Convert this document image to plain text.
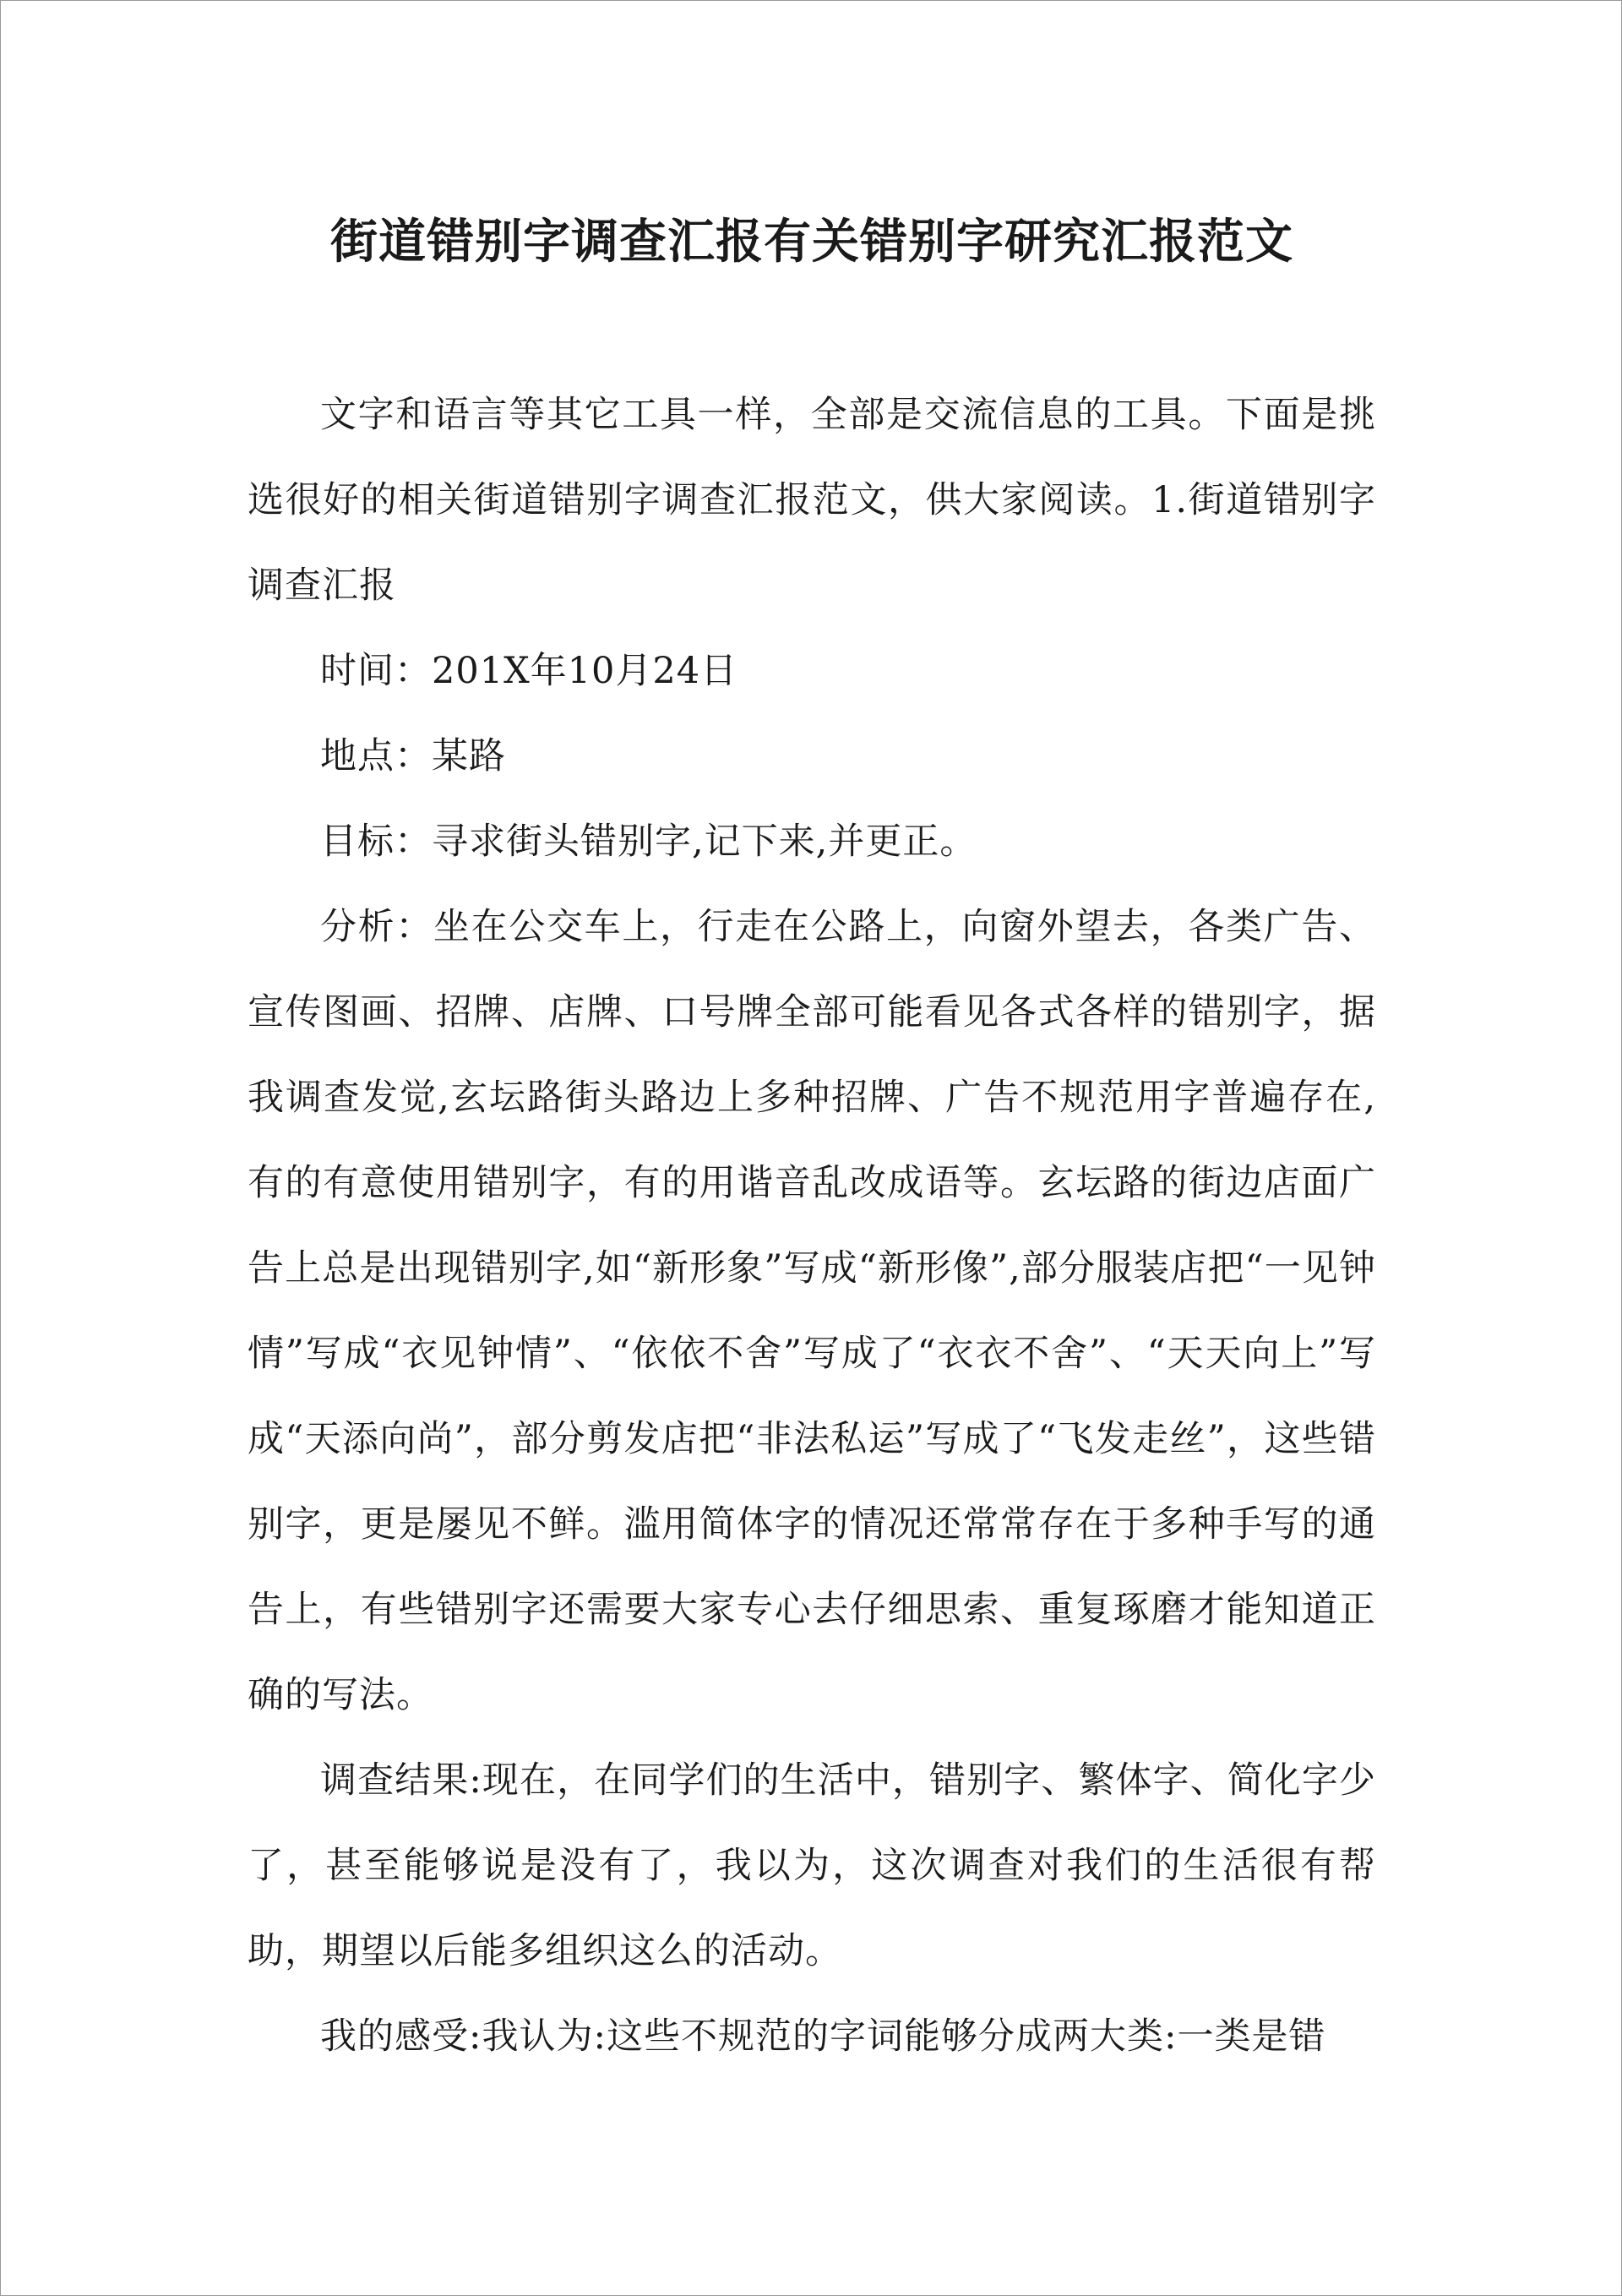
街道错别字调查汇报有关错别字研究汇报范文

文字和语言等其它工具一样，全部是交流信息的工具。下面是挑选很好的相关街道错别字调查汇报范文，供大家阅读。1.街道错别字调查汇报

时间：201X年10月24日

地点：某路

目标：寻求街头错别字,记下来,并更正。

分析：坐在公交车上，行走在公路上，向窗外望去，各类广告、宣传图画、招牌、店牌、口号牌全部可能看见各式各样的错别字，据我调查发觉,玄坛路街头路边上多种招牌、广告不规范用字普遍存在,有的有意使用错别字，有的用谐音乱改成语等。玄坛路的街边店面广告上总是出现错别字,如“新形象”写成“新形像”,部分服装店把“一见钟情”写成“衣见钟情”、“依依不舍”写成了“衣衣不舍”、“天天向上”写成“天添向尚”，部分剪发店把“非法私运”写成了“飞发走丝”，这些错别字，更是屡见不鲜。滥用简体字的情况还常常存在于多种手写的通告上，有些错别字还需要大家专心去仔细思索、重复琢磨才能知道正确的写法。

调查结果:现在，在同学们的生活中，错别字、繁体字、简化字少了，甚至能够说是没有了，我以为，这次调查对我们的生活很有帮助，期望以后能多组织这么的活动。

我的感受:我认为:这些不规范的字词能够分成两大类:一类是错
